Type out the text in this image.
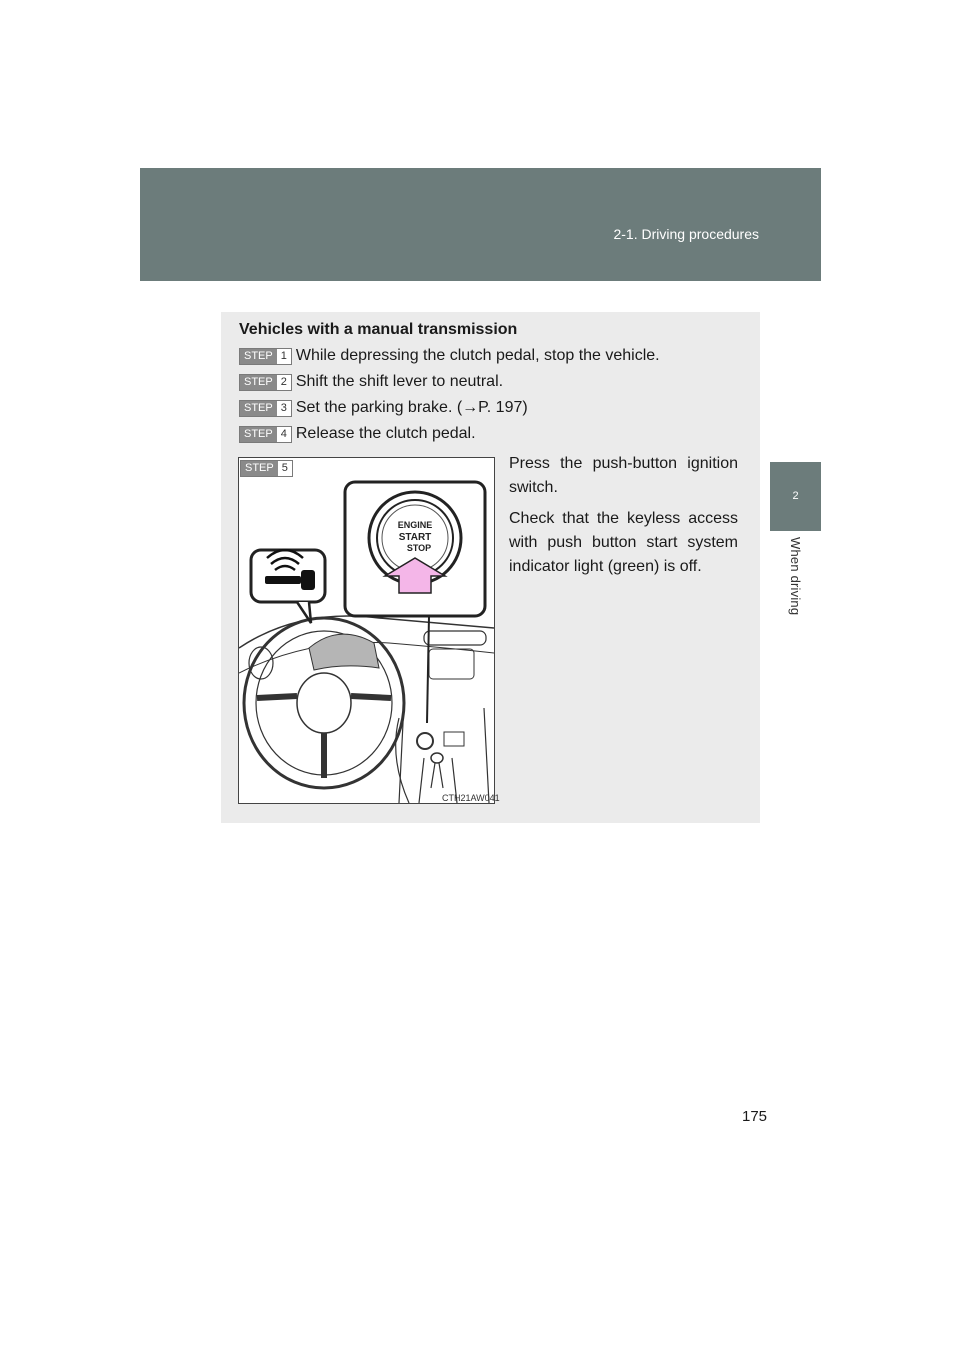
2-1. Driving procedures
2
When driving
Vehicles with a manual transmission
STEP 1 While depressing the clutch pedal, stop the vehicle.
STEP 2 Shift the shift lever to neutral.
STEP 3 Set the parking brake. (→P. 197)
STEP 4 Release the clutch pedal.
ENGINE
START
STOP
STEP 5
CTH21AW041
Press the push-button ignition switch.
Check that the keyless access with push button start system indicator light (green) is off.
175
